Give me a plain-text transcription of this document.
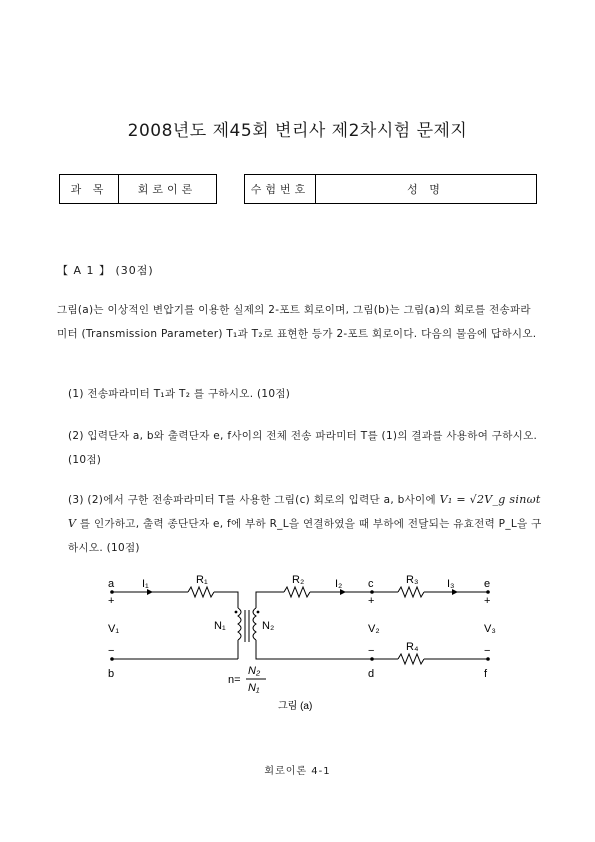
2008년도 제45회 변리사 제2차시험 문제지
과 목	회로이론	수험번호	성 명
【 A 1 】 (30점)
그림(a)는 이상적인 변압기를 이용한 실제의 2-포트 회로이며, 그림(b)는 그림(a)의 회로를 전송파라미터 (Transmission Parameter) T₁과 T₂로 표현한 등가 2-포트 회로이다. 다음의 물음에 답하시오.
(1) 전송파라미터 T₁과 T₂ 를 구하시오. (10점)
(2) 입력단자 a, b와 출력단자 e, f사이의 전체 전송 파라미터 T를 (1)의 결과를 사용하여 구하시오. (10점)
(3) (2)에서 구한 전송파라미터 T를 사용한 그림(c) 회로의 입력단 a, b사이에 V₁ = √2V_g sinωt V 를 인가하고, 출력 종단단자 e, f에 부하 R_L을 연결하였을 때 부하에 전달되는 유효전력 P_L을 구하시오. (10점)
a
b
c
d
e
f
I₁	I₂	I₃
R₁	R₂	R₃
R₄
+
V₁
−
+
V₂
−
+
V₃
−
N₁	N₂
n=
N₂
N₁
그림 (a)
회로이론 4-1
